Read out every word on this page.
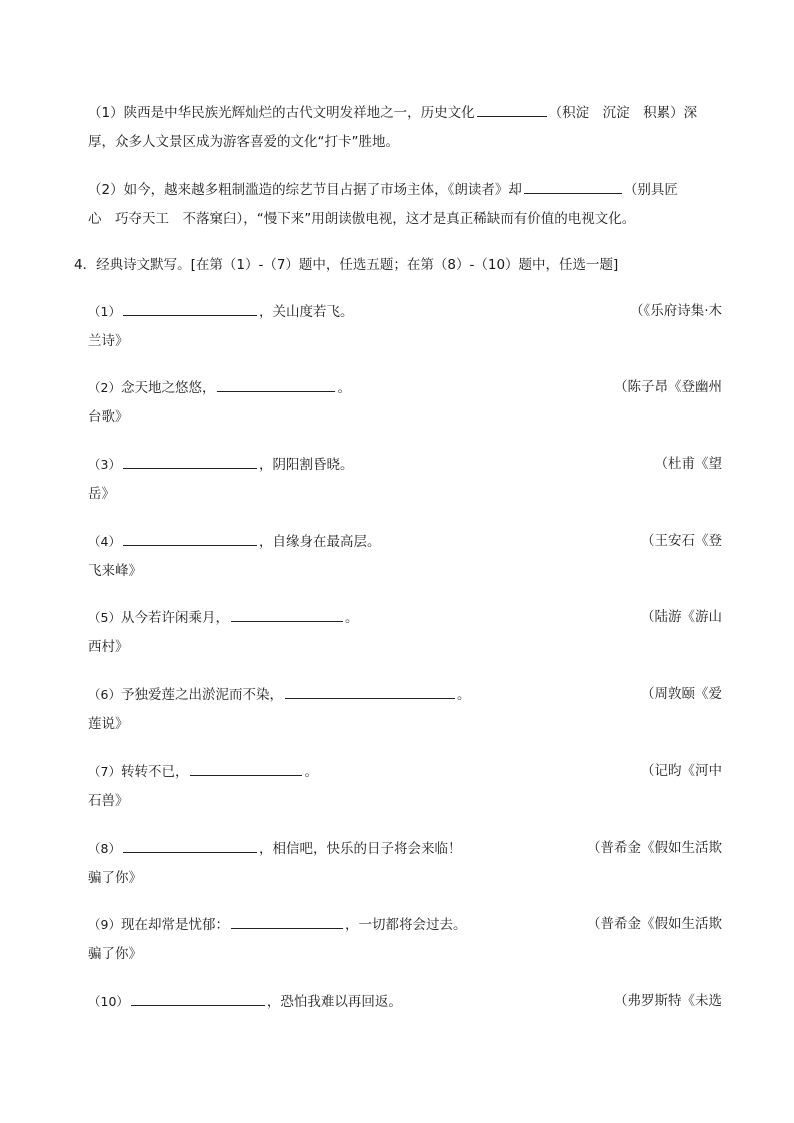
（1）陕西是中华民族光辉灿烂的古代文明发祥地之一，历史文化	（积淀　沉淀　积累）深
厚，众多人文景区成为游客喜爱的文化“打卡”胜地。
（2）如今，越来越多粗制滥造的综艺节目占据了市场主体，《朗读者》却	（别具匠
心　巧夺天工　不落窠臼），“慢下来”用朗读傲电视，这才是真正稀缺而有价值的电视文化。
4．经典诗文默写。[在第（1）-（7）题中，任选五题；在第（8）-（10）题中，任选一题]
（1）	，关山度若飞。	（《乐府诗集·木
兰诗》
（2）念天地之悠悠，	。	（陈子昂《登幽州
台歌》
（3）	，阴阳割昏晓。	（杜甫《望
岳》
（4）	，自缘身在最高层。	（王安石《登
飞来峰》
（5）从今若许闲乘月，	。	（陆游《游山
西村》
（6）予独爱莲之出淤泥而不染，	。	（周敦颐《爱
莲说》
（7）转转不已，	。	（记昀《河中
石兽》
（8）	，相信吧，快乐的日子将会来临！	（普希金《假如生活欺
骗了你》
（9）现在却常是忧郁：	，一切都将会过去。	（普希金《假如生活欺
骗了你》
（10）	，恐怕我难以再回返。	（弗罗斯特《未选
